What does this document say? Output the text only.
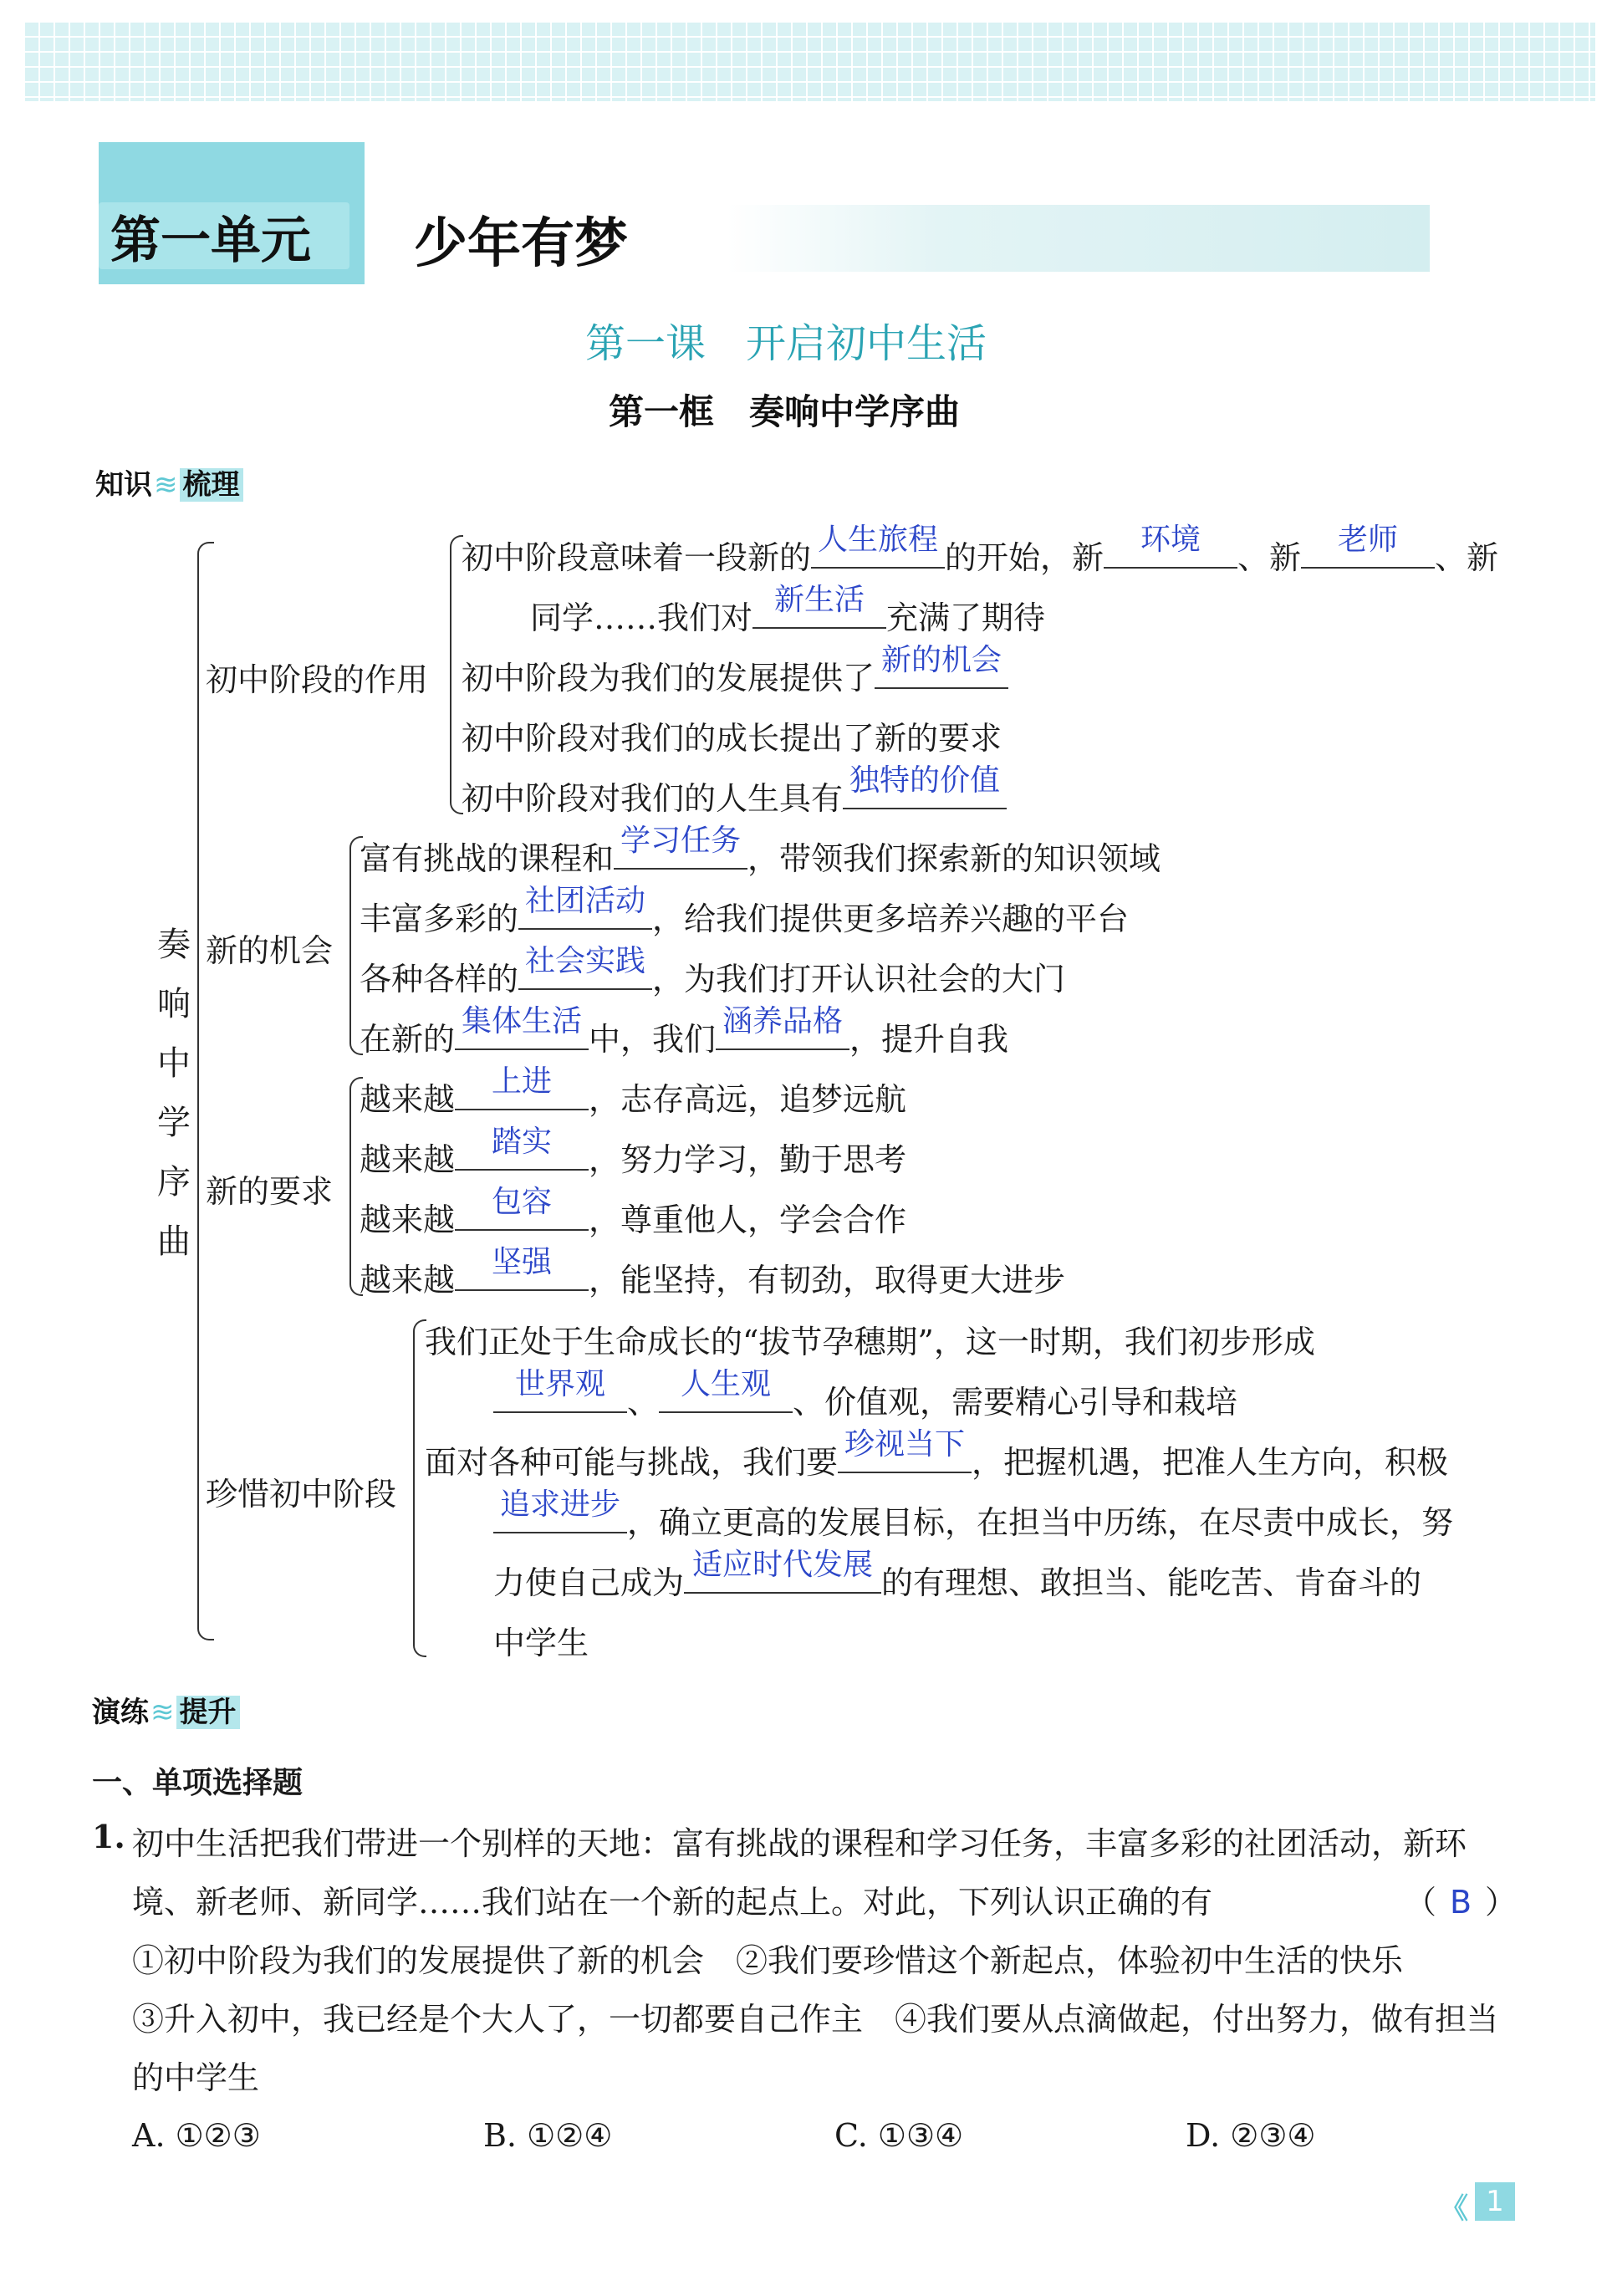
第一单元 少年有梦
第一课　开启初中生活
第一框　奏响中学序曲
知识≋ 梳理
奏
响
中
学
序
曲
初中阶段的作用
初中阶段意味着一段新的 人生旅程 的开始，新	环境	、新	老师	、新
同学……我们对 新生活 充满了期待
初中阶段为我们的发展提供了 新的机会
初中阶段对我们的成长提出了新的要求
初中阶段对我们的人生具有 独特的价值
新的机会
富有挑战的课程和 学习任务 ，带领我们探索新的知识领域
丰富多彩的 社团活动 ，给我们提供更多培养兴趣的平台
各种各样的 社会实践 ，为我们打开认识社会的大门
在新的 集体生活 中，我们 涵养品格 ，提升自我
新的要求
越来越	上进	，志存高远，追梦远航
越来越	踏实	，努力学习，勤于思考
越来越	包容	，尊重他人，学会合作
越来越	坚强	，能坚持，有韧劲，取得更大进步
珍惜初中阶段
我们正处于生命成长的“拔节孕穗期”，这一时期，我们初步形成
世界观 、 人生观 、价值观，需要精心引导和栽培
面对各种可能与挑战，我们要 珍视当下 ，把握机遇，把准人生方向，积极
追求进步 ，确立更高的发展目标，在担当中历练，在尽责中成长，努
力使自己成为 适应时代发展 的有理想、敢担当、能吃苦、肯奋斗的
中学生
演练≋ 提升
一、单项选择题
1. 初中生活把我们带进一个别样的天地：富有挑战的课程和学习任务，丰富多彩的社团活动，新环
境、新老师、新同学……我们站在一个新的起点上。对此，下列认识正确的有	（ B ）
①初中阶段为我们的发展提供了新的机会　②我们要珍惜这个新起点，体验初中生活的快乐
③升入初中，我已经是个大人了，一切都要自己作主　④我们要从点滴做起，付出努力，做有担当
的中学生
A. ①②③	B. ①②④	C. ①③④	D. ②③④
《 1
